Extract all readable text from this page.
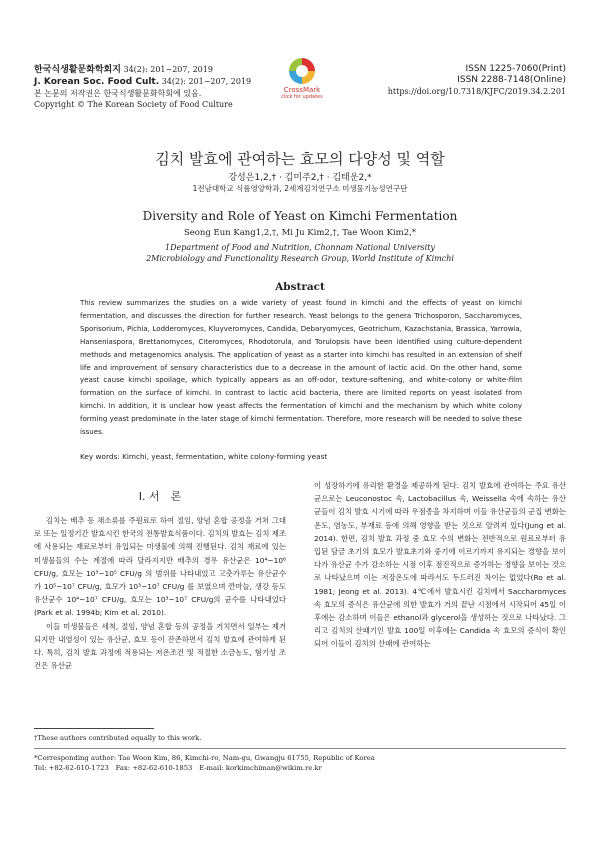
한국식생활문화학회지 34(2): 201−207, 2019
J. Korean Soc. Food Cult. 34(2): 201−207, 2019
본 논문의 저작권은 한국식생활문화학회에 있음.
Copyright © The Korean Society of Food Culture
CrossMark
click for updates
ISSN 1225-7060(Print)
ISSN 2288-7148(Online)
https://doi.org/10.7318/KJFC/2019.34.2.201
김치 발효에 관여하는 효모의 다양성 및 역할
강성은1,2,† · 김미주2,† · 김태운2,*
1전남대학교 식품영양학과, 2세계김치연구소 미생물기능성연구단
Diversity and Role of Yeast on Kimchi Fermentation
Seong Eun Kang1,2,†, Mi Ju Kim2,†, Tae Woon Kim2,*
1Department of Food and Nutrition, Chonnam National University
2Microbiology and Functionality Research Group, World Institute of Kimchi
Abstract
This review summarizes the studies on a wide variety of yeast found in kimchi and the effects of yeast on kimchi fermentation, and discusses the direction for further research. Yeast belongs to the genera Trichosporon, Saccharomyces, Sporisorium, Pichia, Lodderomyces, Kluyveromyces, Candida, Debaryomyces, Geotrichum, Kazachstania, Brassica, Yarrowia, Hanseniaspora, Brettanomyces, Citeromyces, Rhodotorula, and Torulopsis have been identified using culture-dependent methods and metagenomics analysis. The application of yeast as a starter into kimchi has resulted in an extension of shelf life and improvement of sensory characteristics due to a decrease in the amount of lactic acid. On the other hand, some yeast cause kimchi spoilage, which typically appears as an off-odor, texture-softening, and white-colony or white-film formation on the surface of kimchi. In contrast to lactic acid bacteria, there are limited reports on yeast isolated from kimchi. In addition, it is unclear how yeast affects the fermentation of kimchi and the mechanism by which white colony forming yeast predominate in the later stage of kimchi fermentation. Therefore, more research will be needed to solve these issues.
Key words: Kimchi, yeast, fermentation, white colony-forming yeast
I. 서　론

김치는 배추 등 채소류를 주원료로 하여 절임, 양념 혼합 공정을 거쳐 그대로 또는 일정기간 발효시킨 한국의 전통발효식품이다. 김치의 발효는 김치 제조에 사용되는 재료로부터 유입되는 미생물에 의해 진행된다. 김치 재료에 있는 미생물들의 수는 계절에 따라 달라지지만 배추의 경우 유산균은 10⁴~10⁶ CFU/g, 효모는 10³~10⁵ CFU/g 의 범위를 나타내었고 고춧가루는 유산균수가 10⁵~10⁷ CFU/g, 효모가 10³~10⁷ CFU/g 를 보였으며 깐마늘, 생강 등도 유산균수 10⁴~10⁷ CFU/g, 효모는 10³~10⁷ CFU/g의 균수를 나타내었다(Park et al. 1994b; Kim et al. 2010).

이들 미생물들은 세척, 절임, 양념 혼합 등의 공정을 거치면서 일부는 제거되지만 내염성이 있는 유산균, 효모 등이 잔존하면서 김치 발효에 관여하게 된다. 특히, 김치 발효 과정에 적용되는 저온조건 및 적절한 소금농도, 혐기성 조건은 유산균

이 성장하기에 유리한 환경을 제공하게 된다. 김치 발효에 관여하는 주요 유산균으로는 Leuconostoc 속, Lactobacillus 속, Weissella 속에 속하는 유산균들이 김치 발효 시기에 따라 우점종을 차지하며 이들 유산균들의 군집 변화는 온도, 염농도, 부재료 등에 의해 영향을 받는 것으로 알려져 있다(Jung et al. 2014). 한편, 김치 발효 과정 중 효모 수의 변화는 전반적으로 원료로부터 유입된 담금 초기의 효모가 발효초기와 중기에 이르기까지 유지되는 경향을 보이다가 유산균 수가 감소하는 시점 이후 점진적으로 증가하는 경향을 보이는 것으로 나타났으며 이는 저장온도에 따라서도 두드러진 차이는 없었다(Ro et al. 1981; Jeong et al. 2013). 4℃에서 발효시킨 김치에서 Saccharomyces 속 효모의 증식은 유산균에 의한 발효가 거의 끝난 시점에서 시작되어 45일 이후에는 감소하며 이들은 ethanol과 glycerol을 생성하는 것으로 나타났다. 그리고 김치의 산패기인 발효 100일 이후에는 Candida 속 효모의 증식이 확인되어 이들이 김치의 산패에 관여하는

†These authors contributed equally to this work.
*Corresponding author: Tae Woon Kim, 86, Kimchi-ro, Nam-gu, Gwangju 61755, Republic of Korea
Tel: +82-62-610-1723　Fax: +82-62-610-1853　E-mail: korkimchiman@wikim.re.kr
